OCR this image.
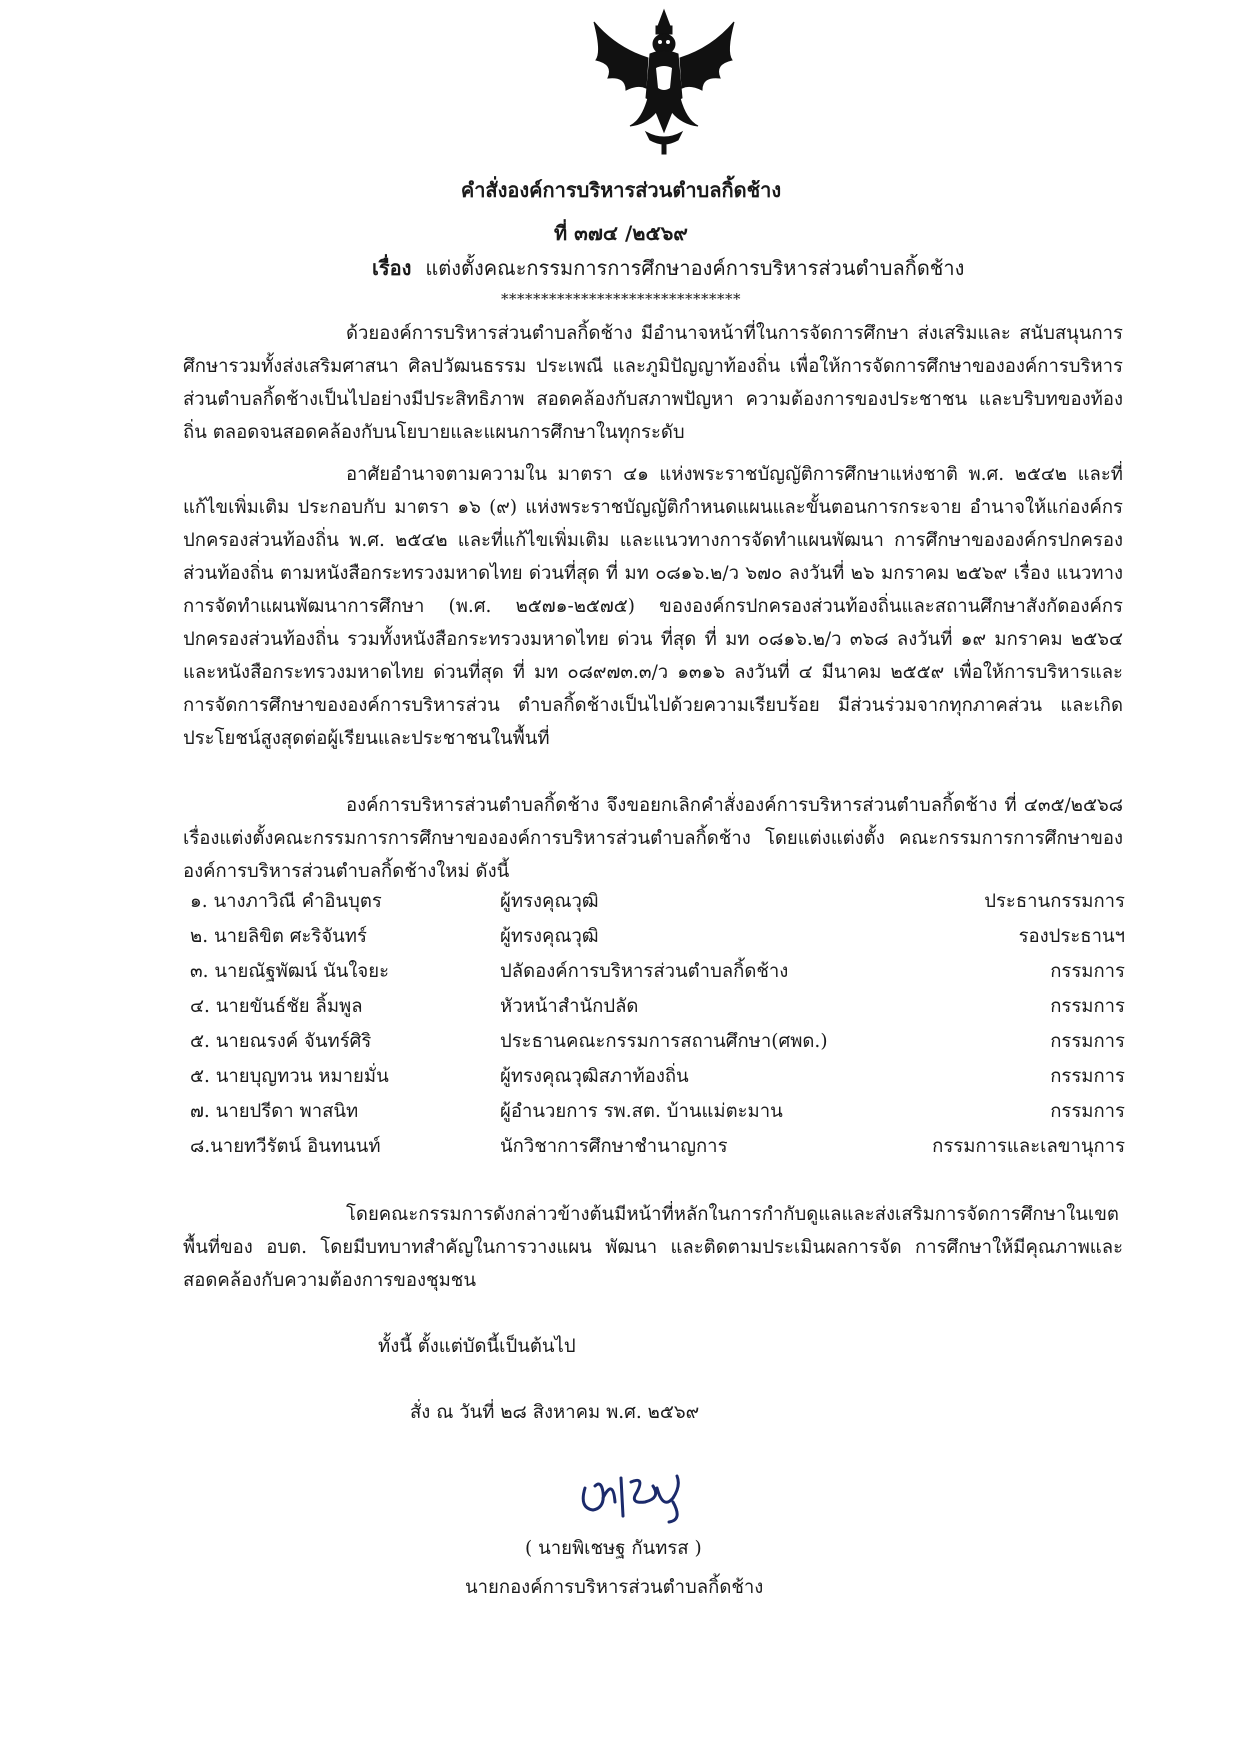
คำสั่งองค์การบริหารส่วนตำบลกิ้ดช้าง
ที่ ๓๗๔ /๒๕๖๙
เรื่อง แต่งตั้งคณะกรรมการการศึกษาองค์การบริหารส่วนตำบลกิ้ดช้าง
******************************

ด้วยองค์การบริหารส่วนตำบลกิ้ดช้าง มีอำนาจหน้าที่ในการจัดการศึกษา ส่งเสริมและ สนับสนุนการศึกษารวมทั้งส่งเสริมศาสนา ศิลปวัฒนธรรม ประเพณี และภูมิปัญญาท้องถิ่น เพื่อให้การจัดการศึกษาขององค์การบริหารส่วนตำบลกิ้ดช้างเป็นไปอย่างมีประสิทธิภาพ สอดคล้องกับสภาพปัญหา ความต้องการของประชาชน และบริบทของท้องถิ่น ตลอดจนสอดคล้องกับนโยบายและแผนการศึกษาในทุกระดับ

อาศัยอำนาจตามความใน มาตรา ๔๑ แห่งพระราชบัญญัติการศึกษาแห่งชาติ พ.ศ. ๒๕๔๒ และที่แก้ไขเพิ่มเติม ประกอบกับ มาตรา ๑๖ (๙) แห่งพระราชบัญญัติกำหนดแผนและขั้นตอนการกระจาย อำนาจให้แก่องค์กรปกครองส่วนท้องถิ่น พ.ศ. ๒๕๔๒ และที่แก้ไขเพิ่มเติม และแนวทางการจัดทำแผนพัฒนา การศึกษาขององค์กรปกครองส่วนท้องถิ่น ตามหนังสือกระทรวงมหาดไทย ด่วนที่สุด ที่ มท ๐๘๑๖.๒/ว ๖๗๐ ลงวันที่ ๒๖ มกราคม ๒๕๖๙ เรื่อง แนวทางการจัดทำแผนพัฒนาการศึกษา (พ.ศ. ๒๕๗๑-๒๕๗๕) ขององค์กรปกครองส่วนท้องถิ่นและสถานศึกษาสังกัดองค์กรปกครองส่วนท้องถิ่น รวมทั้งหนังสือกระทรวงมหาดไทย ด่วน ที่สุด ที่ มท ๐๘๑๖.๒/ว ๓๖๘ ลงวันที่ ๑๙ มกราคม ๒๕๖๔ และหนังสือกระทรวงมหาดไทย ด่วนที่สุด ที่ มท ๐๘๙๗๓.๓/ว ๑๓๑๖ ลงวันที่ ๔ มีนาคม ๒๕๕๙ เพื่อให้การบริหารและการจัดการศึกษาขององค์การบริหารส่วน ตำบลกิ้ดช้างเป็นไปด้วยความเรียบร้อย มีส่วนร่วมจากทุกภาคส่วน และเกิดประโยชน์สูงสุดต่อผู้เรียนและประชาชนในพื้นที่

องค์การบริหารส่วนตำบลกิ้ดช้าง จึงขอยกเลิกคำสั่งองค์การบริหารส่วนตำบลกิ้ดช้าง ที่ ๔๓๕/๒๕๖๘ เรื่องแต่งตั้งคณะกรรมการการศึกษาขององค์การบริหารส่วนตำบลกิ้ดช้าง โดยแต่งแต่งตั้ง คณะกรรมการการศึกษาขององค์การบริหารส่วนตำบลกิ้ดช้างใหม่ ดังนี้

๑. นางภาวิณี คำอินบุตร	ผู้ทรงคุณวุฒิ	ประธานกรรมการ
๒. นายลิขิต ศะริจันทร์	ผู้ทรงคุณวุฒิ	รองประธานฯ
๓. นายณัฐพัฒน์ นันใจยะ	ปลัดองค์การบริหารส่วนตำบลกิ้ดช้าง	กรรมการ
๔. นายขันธ์ชัย ลิ้มพูล	หัวหน้าสำนักปลัด	กรรมการ
๕. นายณรงค์ จันทร์ศิริ	ประธานคณะกรรมการสถานศึกษา(ศพด.)	กรรมการ
๕. นายบุญทวน หมายมั่น	ผู้ทรงคุณวุฒิสภาท้องถิ่น	กรรมการ
๗. นายปรีดา พาสนิท	ผู้อำนวยการ รพ.สต. บ้านแม่ตะมาน	กรรมการ
๘.นายทวีรัตน์ อินทนนท์	นักวิชาการศึกษาชำนาญการ	กรรมการและเลขานุการ

โดยคณะกรรมการดังกล่าวข้างต้นมีหน้าที่หลักในการกำกับดูแลและส่งเสริมการจัดการศึกษาในเขตพื้นที่ของ อบต. โดยมีบทบาทสำคัญในการวางแผน พัฒนา และติดตามประเมินผลการจัด การศึกษาให้มีคุณภาพและสอดคล้องกับความต้องการของชุมชน

ทั้งนี้ ตั้งแต่บัดนี้เป็นต้นไป
สั่ง ณ วันที่ ๒๘ สิงหาคม พ.ศ. ๒๕๖๙
( นายพิเชษฐ กันทรส )
นายกองค์การบริหารส่วนตำบลกิ้ดช้าง
